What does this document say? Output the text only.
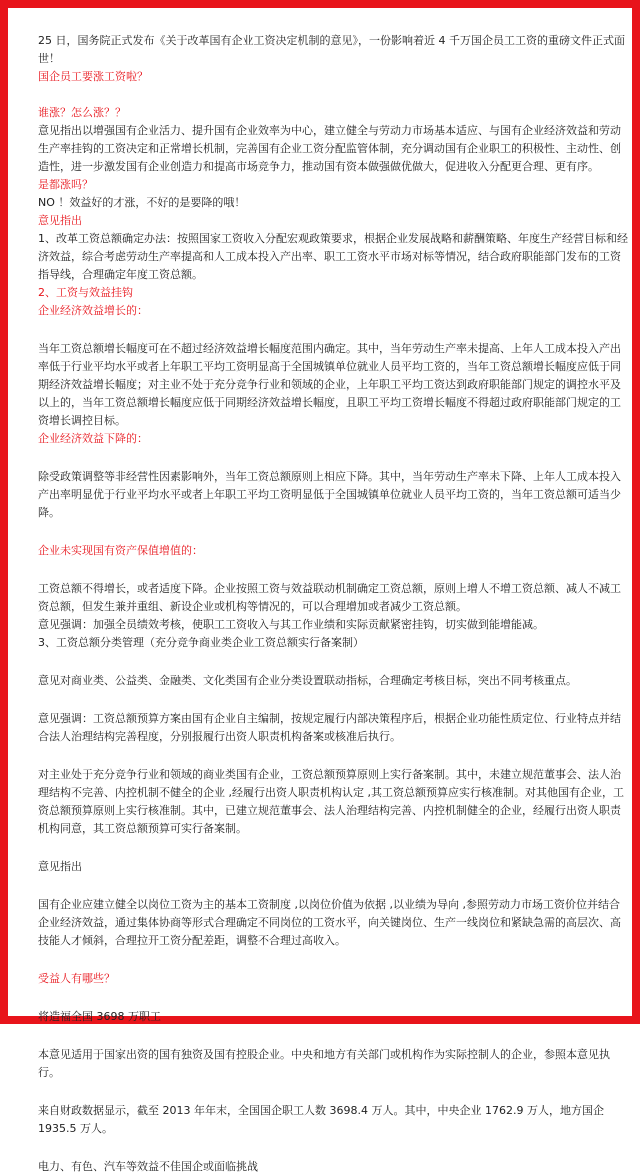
25 日，国务院正式发布《关于改革国有企业工资决定机制的意见》，一份影响着近 4 千万国企员工工资的重磅文件正式面世！

国企员工要涨工资啦？

谁涨？怎么涨？？

意见指出以增强国有企业活力、提升国有企业效率为中心，建立健全与劳动力市场基本适应、与国有企业经济效益和劳动生产率挂钩的工资决定和正常增长机制，完善国有企业工资分配监管体制，充分调动国有企业职工的积极性、主动性、创造性，进一步激发国有企业创造力和提高市场竞争力，推动国有资本做强做优做大，促进收入分配更合理、更有序。

是都涨吗？

NO ！效益好的才涨，不好的是要降的哦！

意见指出

1、改革工资总额确定办法：按照国家工资收入分配宏观政策要求，根据企业发展战略和薪酬策略、年度生产经营目标和经济效益，综合考虑劳动生产率提高和人工成本投入产出率、职工工资水平市场对标等情况，结合政府职能部门发布的工资指导线，合理确定年度工资总额。

2、工资与效益挂钩

企业经济效益增长的：

当年工资总额增长幅度可在不超过经济效益增长幅度范围内确定。其中，当年劳动生产率未提高、上年人工成本投入产出率低于行业平均水平或者上年职工平均工资明显高于全国城镇单位就业人员平均工资的，当年工资总额增长幅度应低于同期经济效益增长幅度；对主业不处于充分竞争行业和领域的企业，上年职工平均工资达到政府职能部门规定的调控水平及以上的，当年工资总额增长幅度应低于同期经济效益增长幅度，且职工平均工资增长幅度不得超过政府职能部门规定的工资增长调控目标。

企业经济效益下降的：

除受政策调整等非经营性因素影响外，当年工资总额原则上相应下降。其中，当年劳动生产率未下降、上年人工成本投入产出率明显优于行业平均水平或者上年职工平均工资明显低于全国城镇单位就业人员平均工资的，当年工资总额可适当少降。

企业未实现国有资产保值增值的：

工资总额不得增长，或者适度下降。企业按照工资与效益联动机制确定工资总额，原则上增人不增工资总额、减人不减工资总额，但发生兼并重组、新设企业或机构等情况的，可以合理增加或者减少工资总额。

意见强调：加强全员绩效考核，使职工工资收入与其工作业绩和实际贡献紧密挂钩，切实做到能增能减。

3、工资总额分类管理（充分竞争商业类企业工资总额实行备案制）

意见对商业类、公益类、金融类、文化类国有企业分类设置联动指标，合理确定考核目标，突出不同考核重点。

意见强调：工资总额预算方案由国有企业自主编制，按规定履行内部决策程序后，根据企业功能性质定位、行业特点并结合法人治理结构完善程度，分别报履行出资人职责机构备案或核准后执行。

对主业处于充分竞争行业和领域的商业类国有企业，工资总额预算原则上实行备案制。其中，未建立规范董事会、法人治理结构不完善、内控机制不健全的企业 ,经履行出资人职责机构认定 ,其工资总额预算应实行核准制。对其他国有企业，工资总额预算原则上实行核准制。其中，已建立规范董事会、法人治理结构完善、内控机制健全的企业，经履行出资人职责机构同意，其工资总额预算可实行备案制。

意见指出

国有企业应建立健全以岗位工资为主的基本工资制度 ,以岗位价值为依据 ,以业绩为导向 ,参照劳动力市场工资价位并结合企业经济效益，通过集体协商等形式合理确定不同岗位的工资水平，向关键岗位、生产一线岗位和紧缺急需的高层次、高技能人才倾斜，合理拉开工资分配差距，调整不合理过高收入。

受益人有哪些？

将造福全国 3698 万职工

本意见适用于国家出资的国有独资及国有控股企业。中央和地方有关部门或机构作为实际控制人的企业，参照本意见执行。

来自财政数据显示，截至 2013 年年末，全国国企职工人数 3698.4 万人。其中，中央企业 1762.9 万人，地方国企 1935.5 万人。

电力、有色、汽车等效益不佳国企或面临挑战
